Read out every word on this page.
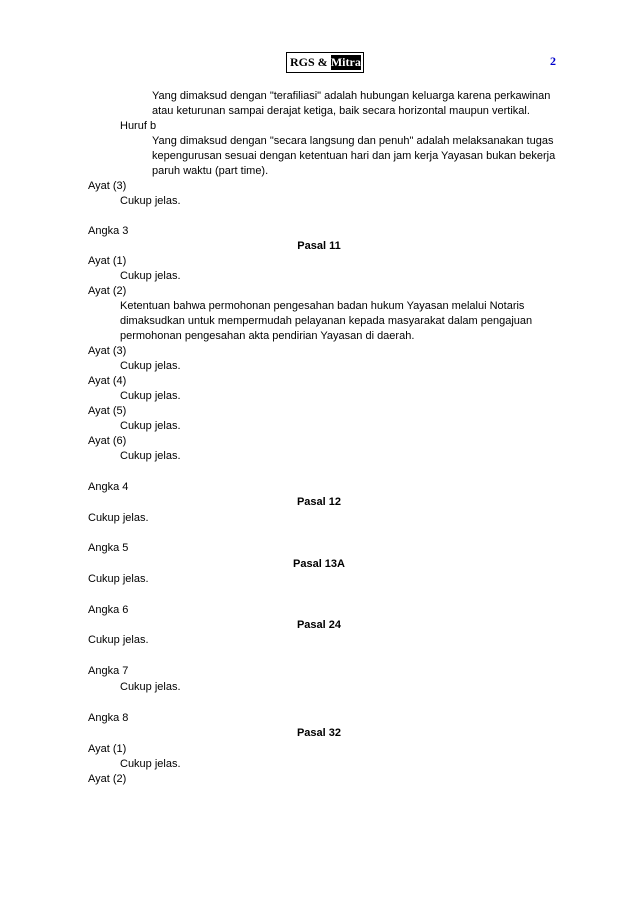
RGS & Mitra	2
Yang dimaksud dengan "terafiliasi" adalah hubungan keluarga karena perkawinan
atau keturunan sampai derajat ketiga, baik secara horizontal maupun vertikal.
Huruf b
Yang dimaksud dengan "secara langsung dan penuh" adalah melaksanakan tugas
kepengurusan sesuai dengan ketentuan hari dan jam kerja Yayasan bukan bekerja
paruh waktu (part time).
Ayat (3)
Cukup jelas.
Angka 3
Pasal 11
Ayat (1)
Cukup jelas.
Ayat (2)
Ketentuan bahwa permohonan pengesahan badan hukum Yayasan melalui Notaris
dimaksudkan untuk mempermudah pelayanan kepada masyarakat dalam pengajuan
permohonan pengesahan akta pendirian Yayasan di daerah.
Ayat (3)
Cukup jelas.
Ayat (4)
Cukup jelas.
Ayat (5)
Cukup jelas.
Ayat (6)
Cukup jelas.
Angka 4
Pasal 12
Cukup jelas.
Angka 5
Pasal 13A
Cukup jelas.
Angka 6
Pasal 24
Cukup jelas.
Angka 7
Cukup jelas.
Angka 8
Pasal 32
Ayat (1)
Cukup jelas.
Ayat (2)
